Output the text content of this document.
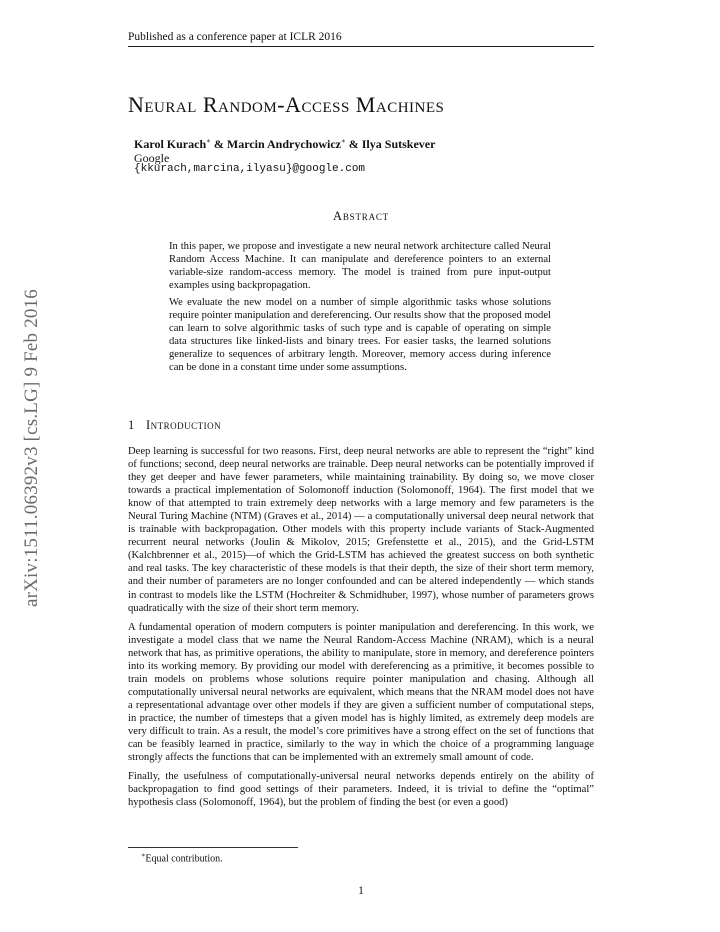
Published as a conference paper at ICLR 2016
arXiv:1511.06392v3 [cs.LG] 9 Feb 2016
Neural Random-Access Machines
Karol Kurach∗ & Marcin Andrychowicz∗ & Ilya Sutskever
Google
{kkurach,marcina,ilyasu}@google.com
Abstract

In this paper, we propose and investigate a new neural network architecture called Neural Random Access Machine. It can manipulate and dereference pointers to an external variable-size random-access memory. The model is trained from pure input-output examples using backpropagation.

We evaluate the new model on a number of simple algorithmic tasks whose solutions require pointer manipulation and dereferencing. Our results show that the proposed model can learn to solve algorithmic tasks of such type and is capable of operating on simple data structures like linked-lists and binary trees. For easier tasks, the learned solutions generalize to sequences of arbitrary length. Moreover, memory access during inference can be done in a constant time under some assumptions.

1 Introduction

Deep learning is successful for two reasons. First, deep neural networks are able to represent the “right” kind of functions; second, deep neural networks are trainable. Deep neural networks can be potentially improved if they get deeper and have fewer parameters, while maintaining trainability. By doing so, we move closer towards a practical implementation of Solomonoff induction (Solomonoff, 1964). The first model that we know of that attempted to train extremely deep networks with a large memory and few parameters is the Neural Turing Machine (NTM) (Graves et al., 2014) — a computationally universal deep neural network that is trainable with backpropagation. Other models with this property include variants of Stack-Augmented recurrent neural networks (Joulin & Mikolov, 2015; Grefenstette et al., 2015), and the Grid-LSTM (Kalchbrenner et al., 2015)—of which the Grid-LSTM has achieved the greatest success on both synthetic and real tasks. The key characteristic of these models is that their depth, the size of their short term memory, and their number of parameters are no longer confounded and can be altered independently — which stands in contrast to models like the LSTM (Hochreiter & Schmidhuber, 1997), whose number of parameters grows quadratically with the size of their short term memory.

A fundamental operation of modern computers is pointer manipulation and dereferencing. In this work, we investigate a model class that we name the Neural Random-Access Machine (NRAM), which is a neural network that has, as primitive operations, the ability to manipulate, store in memory, and dereference pointers into its working memory. By providing our model with dereferencing as a primitive, it becomes possible to train models on problems whose solutions require pointer manipulation and chasing. Although all computationally universal neural networks are equivalent, which means that the NRAM model does not have a representational advantage over other models if they are given a sufficient number of computational steps, in practice, the number of timesteps that a given model has is highly limited, as extremely deep models are very difficult to train. As a result, the model’s core primitives have a strong effect on the set of functions that can be feasibly learned in practice, similarly to the way in which the choice of a programming language strongly affects the functions that can be implemented with an extremely small amount of code.

Finally, the usefulness of computationally-universal neural networks depends entirely on the ability of backpropagation to find good settings of their parameters. Indeed, it is trivial to define the “optimal” hypothesis class (Solomonoff, 1964), but the problem of finding the best (or even a good)

∗Equal contribution.
1
